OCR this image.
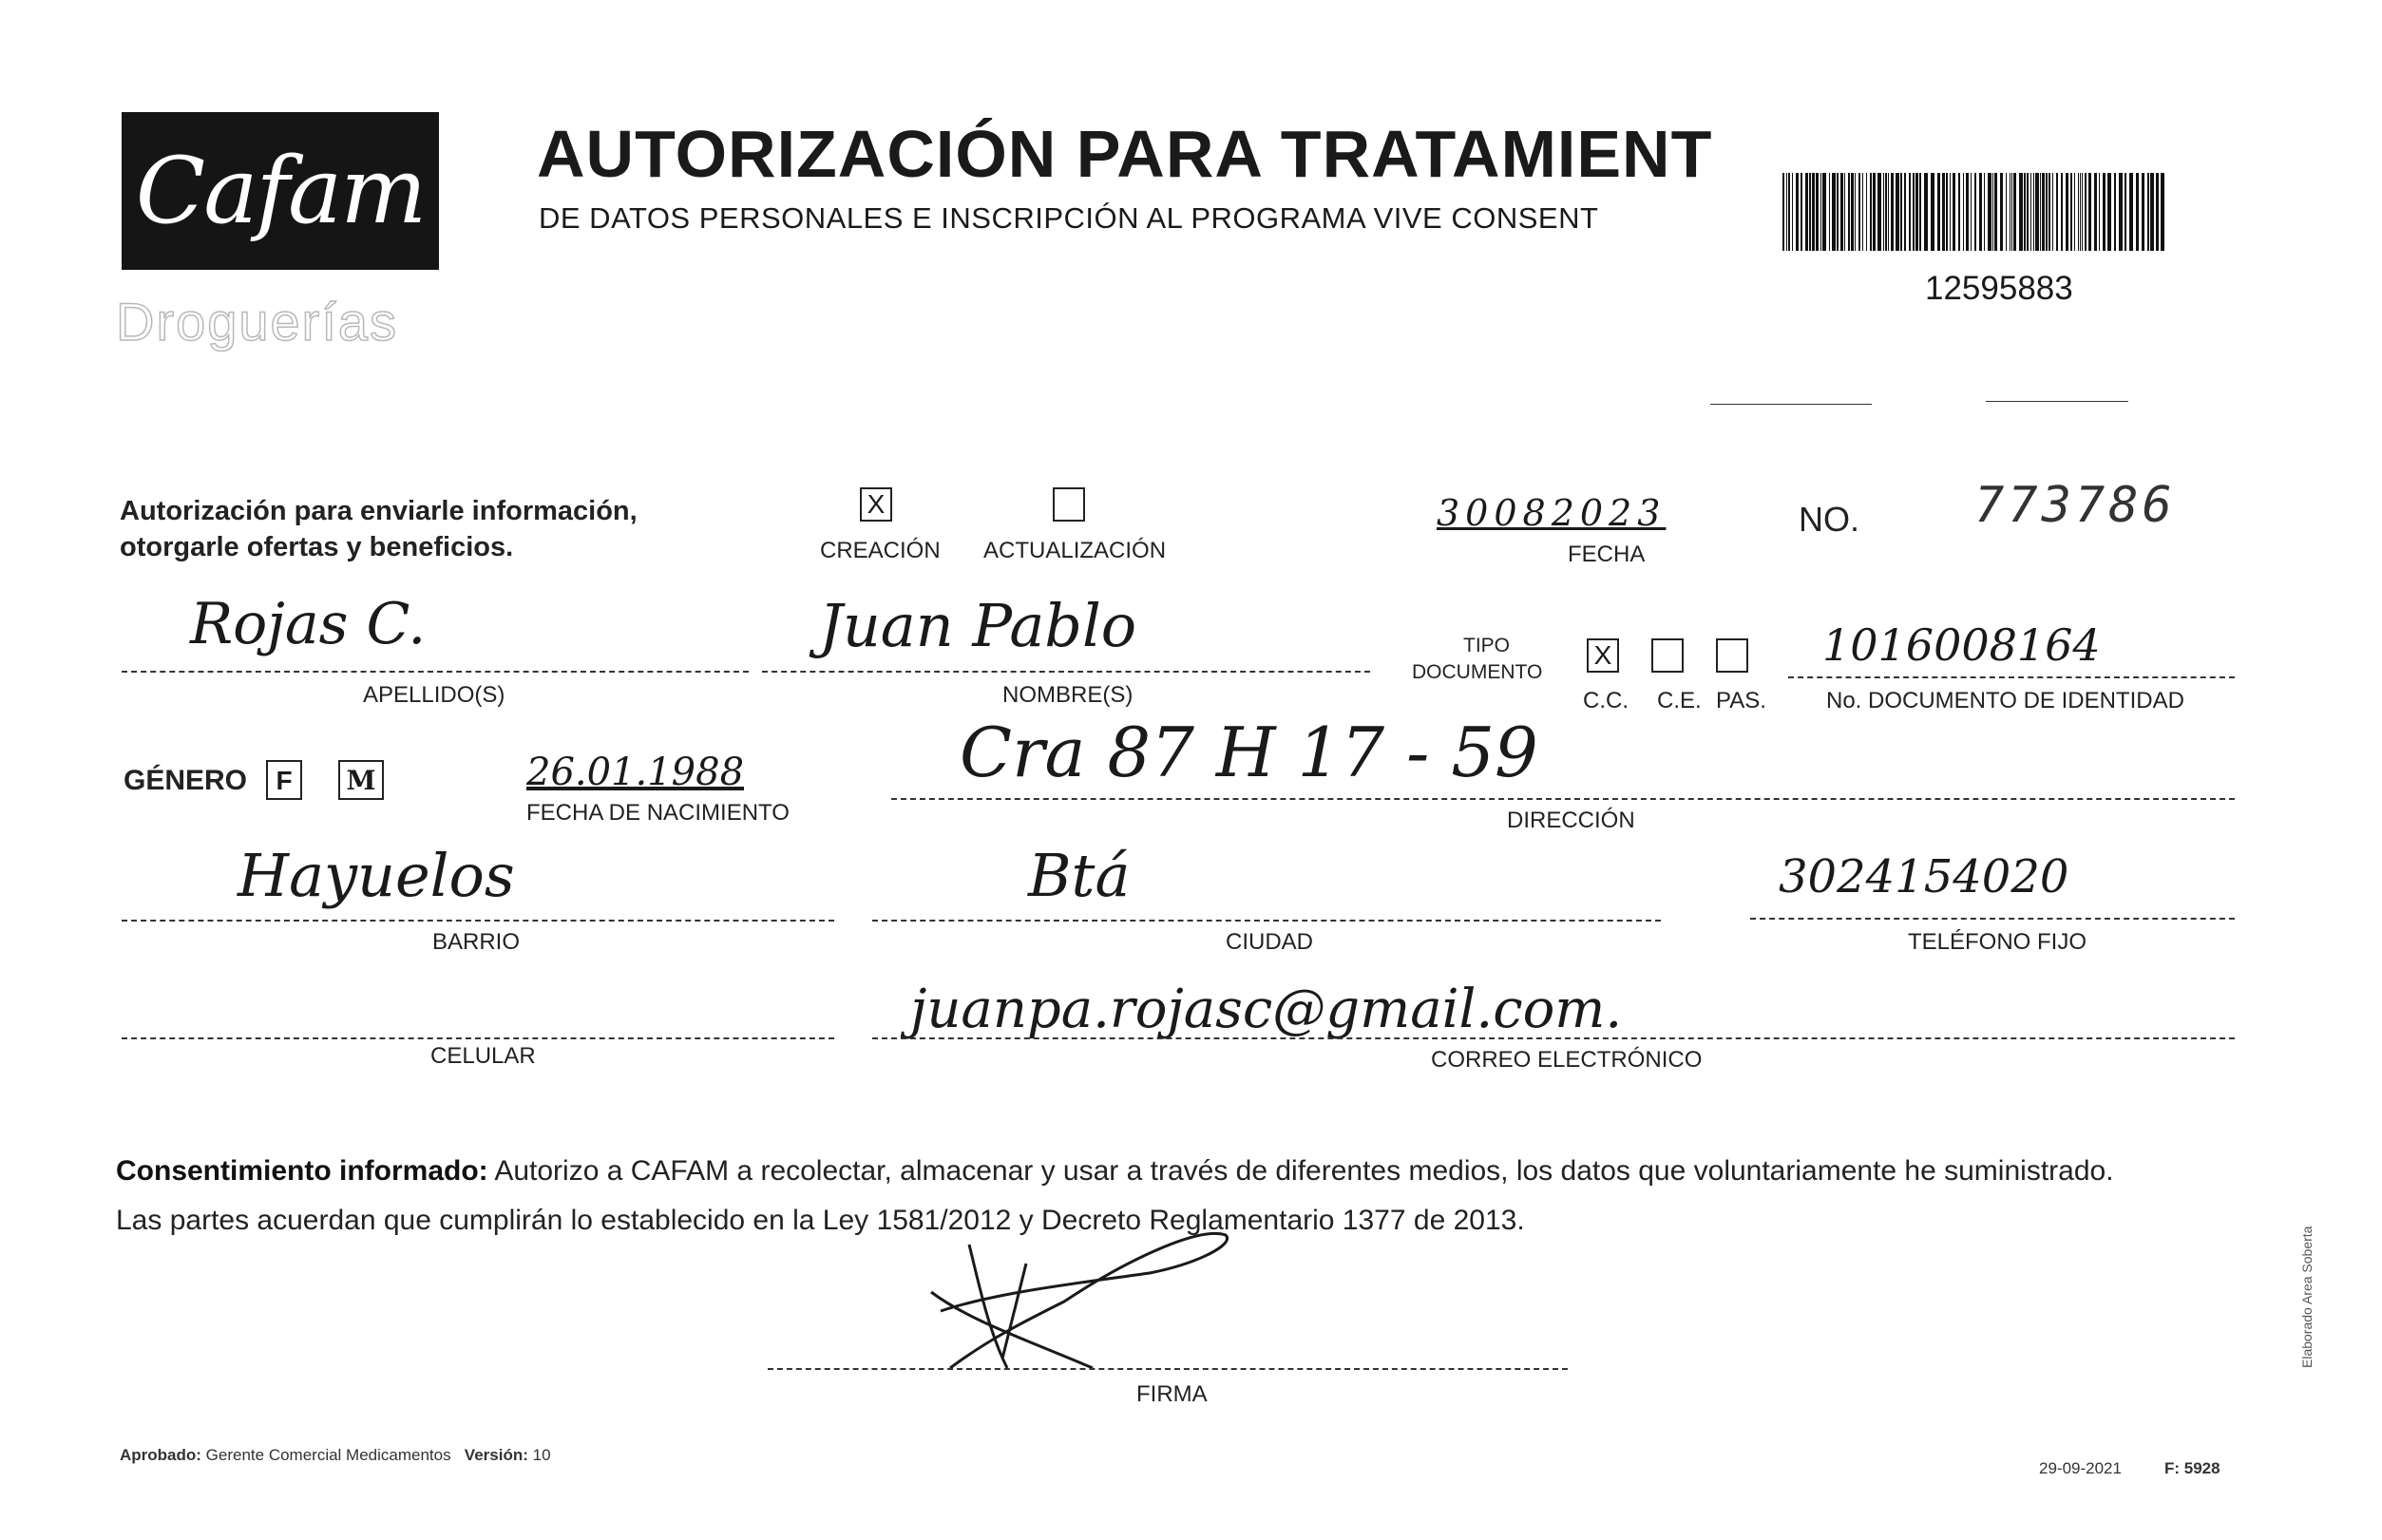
Cafam
Droguerías
AUTORIZACIÓN PARA TRATAMIENT
DE DATOS PERSONALES E INSCRIPCIÓN AL PROGRAMA VIVE CONSENT
12595883
Autorización para enviarle información,
otorgarle ofertas y beneficios.
X
CREACIÓN ACTUALIZACIÓN
30082023
FECHA
NO. 773786
Rojas C.
APELLIDO(S)
Juan Pablo
NOMBRE(S)
TIPO
DOCUMENTO
X
C.C. C.E. PAS.
1016008164
No. DOCUMENTO DE IDENTIDAD
GÉNERO	F	M	26.01.1988
FECHA DE NACIMIENTO
Cra 87 H 17 - 59
DIRECCIÓN
Hayuelos
BARRIO
Btá
CIUDAD
3024154020
TELÉFONO FIJO
CELULAR
juanpa.rojasc@gmail.com.
CORREO ELECTRÓNICO
Consentimiento informado: Autorizo a CAFAM a recolectar, almacenar y usar a través de diferentes medios, los datos que voluntariamente he suministrado.
Las partes acuerdan que cumplirán lo establecido en la Ley 1581/2012 y Decreto Reglamentario 1377 de 2013.
FIRMA
Aprobado: Gerente Comercial Medicamentos Versión: 10
29-09-2021	F: 5928
Elaborado Area Soberta
